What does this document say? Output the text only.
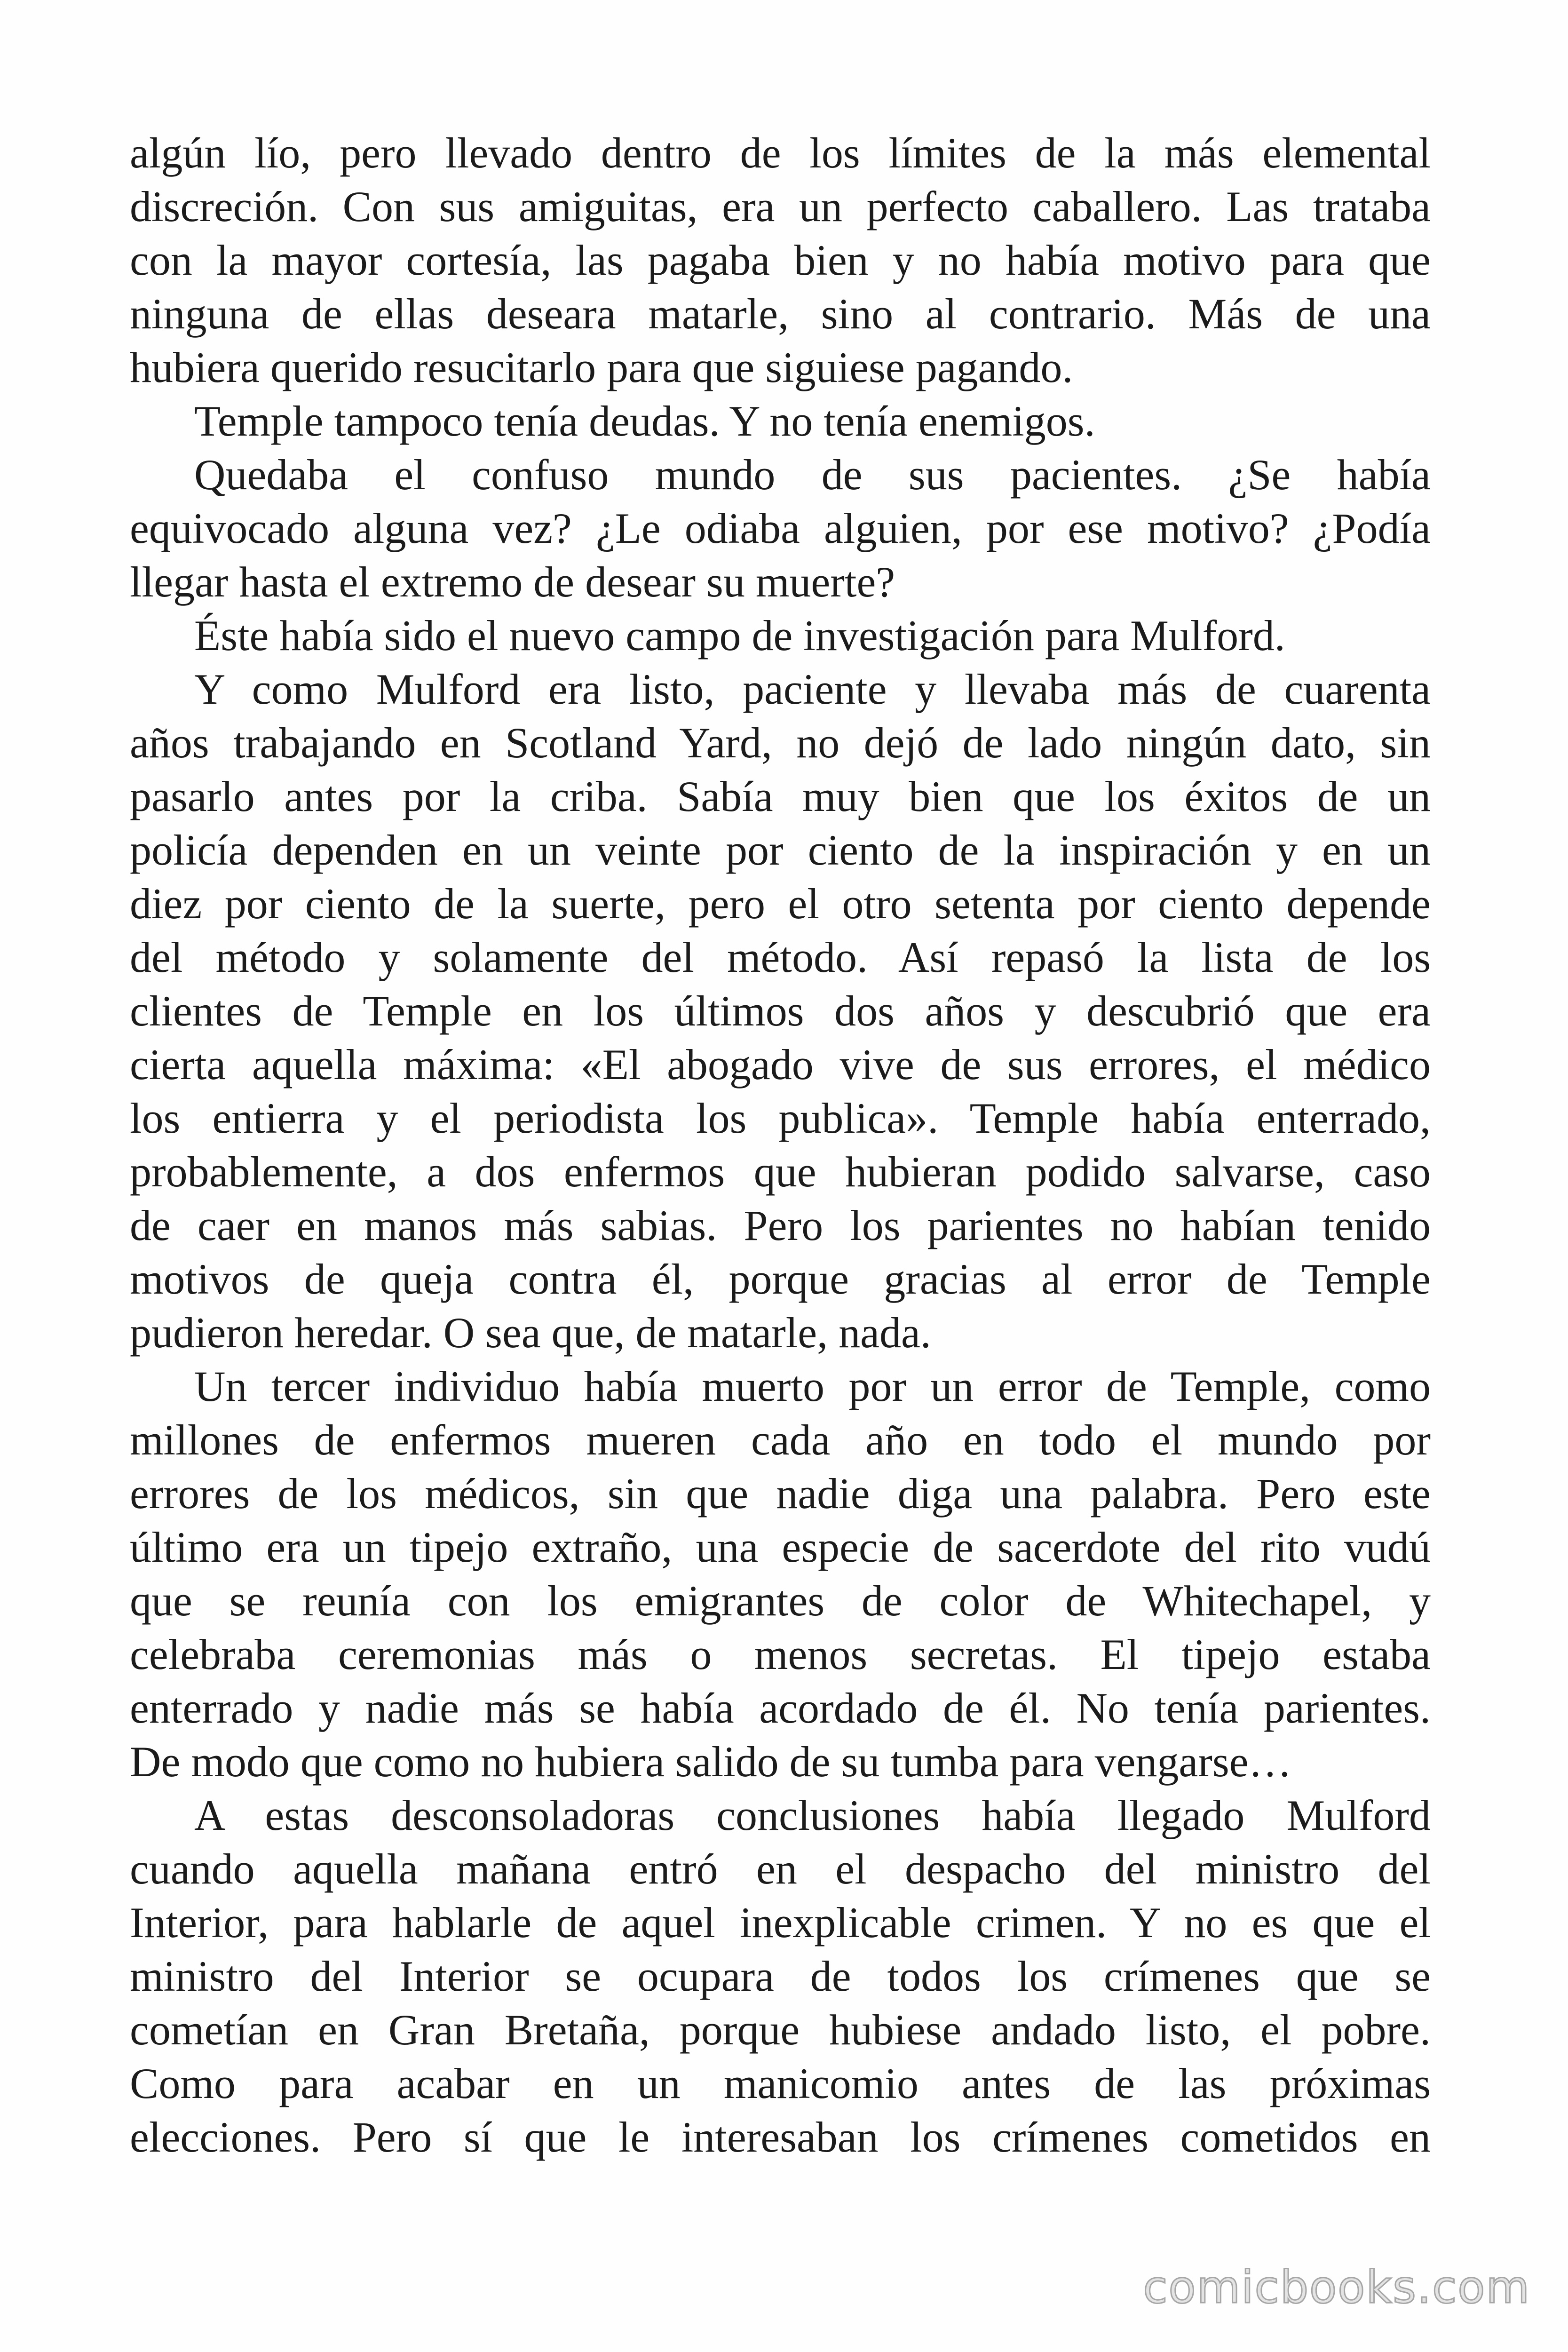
algún lío, pero llevado dentro de los límites de la más elemental
discreción. Con sus amiguitas, era un perfecto caballero. Las trataba
con la mayor cortesía, las pagaba bien y no había motivo para que
ninguna de ellas deseara matarle, sino al contrario. Más de una
hubiera querido resucitarlo para que siguiese pagando.
Temple tampoco tenía deudas. Y no tenía enemigos.
Quedaba el confuso mundo de sus pacientes. ¿Se había
equivocado alguna vez? ¿Le odiaba alguien, por ese motivo? ¿Podía
llegar hasta el extremo de desear su muerte?
Éste había sido el nuevo campo de investigación para Mulford.
Y como Mulford era listo, paciente y llevaba más de cuarenta
años trabajando en Scotland Yard, no dejó de lado ningún dato, sin
pasarlo antes por la criba. Sabía muy bien que los éxitos de un
policía dependen en un veinte por ciento de la inspiración y en un
diez por ciento de la suerte, pero el otro setenta por ciento depende
del método y solamente del método. Así repasó la lista de los
clientes de Temple en los últimos dos años y descubrió que era
cierta aquella máxima: «El abogado vive de sus errores, el médico
los entierra y el periodista los publica». Temple había enterrado,
probablemente, a dos enfermos que hubieran podido salvarse, caso
de caer en manos más sabias. Pero los parientes no habían tenido
motivos de queja contra él, porque gracias al error de Temple
pudieron heredar. O sea que, de matarle, nada.
Un tercer individuo había muerto por un error de Temple, como
millones de enfermos mueren cada año en todo el mundo por
errores de los médicos, sin que nadie diga una palabra. Pero este
último era un tipejo extraño, una especie de sacerdote del rito vudú
que se reunía con los emigrantes de color de Whitechapel, y
celebraba ceremonias más o menos secretas. El tipejo estaba
enterrado y nadie más se había acordado de él. No tenía parientes.
De modo que como no hubiera salido de su tumba para vengarse…
A estas desconsoladoras conclusiones había llegado Mulford
cuando aquella mañana entró en el despacho del ministro del
Interior, para hablarle de aquel inexplicable crimen. Y no es que el
ministro del Interior se ocupara de todos los crímenes que se
cometían en Gran Bretaña, porque hubiese andado listo, el pobre.
Como para acabar en un manicomio antes de las próximas
elecciones. Pero sí que le interesaban los crímenes cometidos en
comicbooks.com
